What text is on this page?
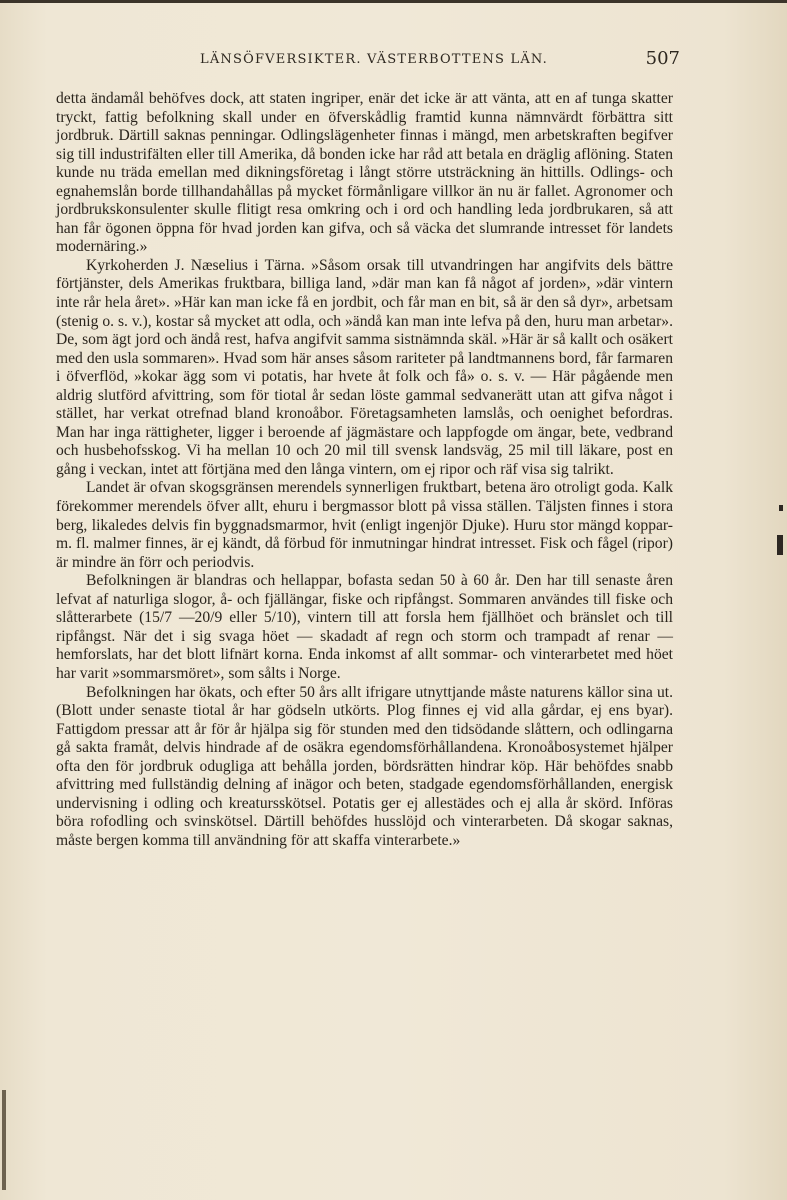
LÄNSÖFVERSIKTER. VÄSTERBOTTENS LÄN.	507

detta ändamål behöfves dock, att staten ingriper, enär det icke är att vänta, att en af tunga skatter tryckt, fattig befolkning skall under en öfverskådlig framtid kunna nämnvärdt förbättra sitt jordbruk. Därtill saknas penningar. Odlingslägenheter finnas i mängd, men arbetskraften begifver sig till industrifälten eller till Amerika, då bonden icke har råd att betala en dräglig aflöning. Staten kunde nu träda emellan med dikningsföretag i långt större utsträckning än hittills. Odlings- och egnahemslån borde tillhandahållas på mycket förmånligare villkor än nu är fallet. Agronomer och jordbrukskonsulenter skulle flitigt resa omkring och i ord och handling leda jordbrukaren, så att han får ögonen öppna för hvad jorden kan gifva, och så väcka det slumrande intresset för landets modernäring.»

Kyrkoherden J. Næselius i Tärna. »Såsom orsak till utvandringen har angifvits dels bättre förtjänster, dels Amerikas fruktbara, billiga land, »där man kan få något af jorden», »där vintern inte rår hela året». »Här kan man icke få en jordbit, och får man en bit, så är den så dyr», arbetsam (stenig o. s. v.), kostar så mycket att odla, och »ändå kan man inte lefva på den, huru man arbetar». De, som ägt jord och ändå rest, hafva angifvit samma sistnämnda skäl. »Här är så kallt och osäkert med den usla sommaren». Hvad som här anses såsom rariteter på landtmannens bord, får farmaren i öfverflöd, »kokar ägg som vi potatis, har hvete åt folk och få» o. s. v. — Här pågående men aldrig slutförd afvittring, som för tiotal år sedan löste gammal sedvanerätt utan att gifva något i stället, har verkat otrefnad bland kronoåbor. Företagsamheten lamslås, och oenighet befordras. Man har inga rättigheter, ligger i beroende af jägmästare och lappfogde om ängar, bete, vedbrand och husbehofsskog. Vi ha mellan 10 och 20 mil till svensk landsväg, 25 mil till läkare, post en gång i veckan, intet att förtjäna med den långa vintern, om ej ripor och räf visa sig talrikt.

Landet är ofvan skogsgränsen merendels synnerligen fruktbart, betena äro otroligt goda. Kalk förekommer merendels öfver allt, ehuru i bergmassor blott på vissa ställen. Täljsten finnes i stora berg, likaledes delvis fin byggnadsmarmor, hvit (enligt ingenjör Djuke). Huru stor mängd koppar- m. fl. malmer finnes, är ej kändt, då förbud för inmutningar hindrat intresset. Fisk och fågel (ripor) är mindre än förr och periodvis.

Befolkningen är blandras och hellappar, bofasta sedan 50 à 60 år. Den har till senaste åren lefvat af naturliga slogor, å- och fjällängar, fiske och ripfångst. Sommaren användes till fiske och slåtterarbete (15/7 —20/9 eller 5/10), vintern till att forsla hem fjällhöet och bränslet och till ripfångst. När det i sig svaga höet — skadadt af regn och storm och trampadt af renar — hemforslats, har det blott lifnärt korna. Enda inkomst af allt sommar- och vinterarbetet med höet har varit »sommarsmöret», som sålts i Norge.

Befolkningen har ökats, och efter 50 års allt ifrigare utnyttjande måste naturens källor sina ut. (Blott under senaste tiotal år har gödseln utkörts. Plog finnes ej vid alla gårdar, ej ens byar). Fattigdom pressar att år för år hjälpa sig för stunden med den tidsödande slåttern, och odlingarna gå sakta framåt, delvis hindrade af de osäkra egendomsförhållandena. Kronoåbosystemet hjälper ofta den för jordbruk odugliga att behålla jorden, bördsrätten hindrar köp. Här behöfdes snabb afvittring med fullständig delning af inägor och beten, stadgade egendomsförhållanden, energisk undervisning i odling och kreatursskötsel. Potatis ger ej allestädes och ej alla år skörd. Införas böra rofodling och svinskötsel. Därtill behöfdes husslöjd och vinterarbeten. Då skogar saknas, måste bergen komma till användning för att skaffa vinterarbete.»
